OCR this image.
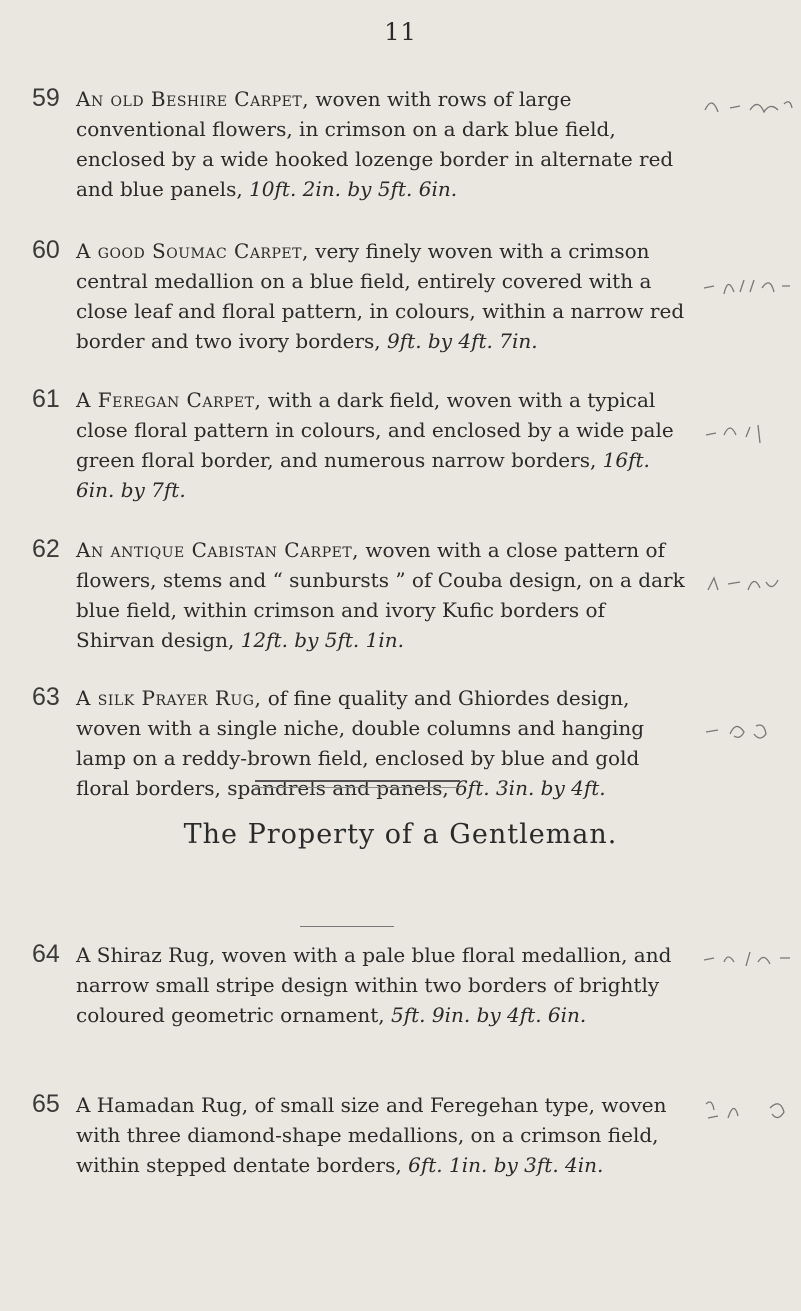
11
59 An old Beshire Carpet, woven with rows of large conventional flowers, in crimson on a dark blue field, enclosed by a wide hooked lozenge border in alternate red and blue panels, 10ft. 2in. by 5ft. 6in.
60 A good Soumac Carpet, very finely woven with a crimson central medallion on a blue field, entirely covered with a close leaf and floral pattern, in colours, within a narrow red border and two ivory borders, 9ft. by 4ft. 7in.
61 A Feregan Carpet, with a dark field, woven with a typical close floral pattern in colours, and enclosed by a wide pale green floral border, and numerous narrow borders, 16ft. 6in. by 7ft.
62 An antique Cabistan Carpet, woven with a close pattern of flowers, stems and “ sunbursts ” of Couba design, on a dark blue field, within crimson and ivory Kufic borders of Shirvan design, 12ft. by 5ft. 1in.
63 A silk Prayer Rug, of fine quality and Ghiordes design, woven with a single niche, double columns and hanging lamp on a reddy-brown field, enclosed by blue and gold floral borders, spandrels and panels, 6ft. 3in. by 4ft.
The Property of a Gentleman.
64 A Shiraz Rug, woven with a pale blue floral medallion, and narrow small stripe design within two borders of brightly coloured geometric ornament, 5ft. 9in. by 4ft. 6in.
65 A Hamadan Rug, of small size and Feregehan type, woven with three diamond-shape medallions, on a crimson field, within stepped dentate borders, 6ft. 1in. by 3ft. 4in.
